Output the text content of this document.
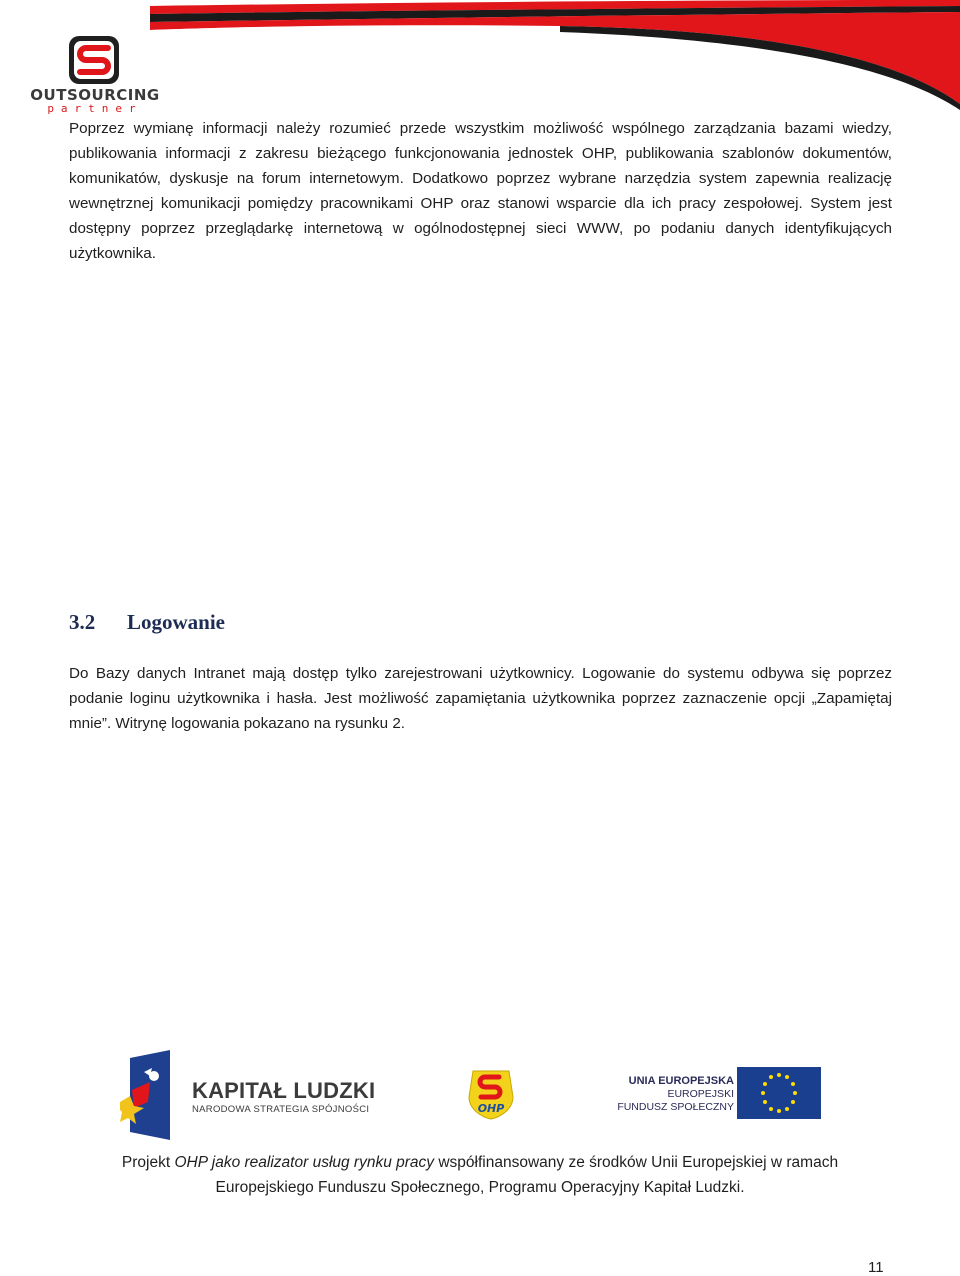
OUTSOURCING
partner
Poprzez wymianę informacji należy rozumieć przede wszystkim możliwość wspólnego zarządzania bazami wiedzy, publikowania informacji z zakresu bieżącego funkcjonowania jednostek OHP, publikowania szablonów dokumentów, komunikatów, dyskusje na forum internetowym. Dodatkowo poprzez wybrane narzędzia system zapewnia realizację wewnętrznej komunikacji pomiędzy pracownikami OHP oraz stanowi wsparcie dla ich pracy zespołowej. System jest dostępny poprzez przeglądarkę internetową w ogólnodostępnej sieci WWW, po podaniu danych identyfikujących użytkownika.
3.2 Logowanie
Do Bazy danych Intranet mają dostęp tylko zarejestrowani użytkownicy. Logowanie do systemu odbywa się poprzez podanie loginu użytkownika i hasła. Jest możliwość zapamiętania użytkownika poprzez zaznaczenie opcji „Zapamiętaj mnie”. Witrynę logowania pokazano na rysunku 2.
KAPITAŁ LUDZKI
NARODOWA STRATEGIA SPÓJNOŚCI	OHP
UNIA EUROPEJSKA
EUROPEJSKI
FUNDUSZ SPOŁECZNY
Projekt OHP jako realizator usług rynku pracy współfinansowany ze środków Unii Europejskiej w ramach
Europejskiego Funduszu Społecznego, Programu Operacyjny Kapitał Ludzki.
11
